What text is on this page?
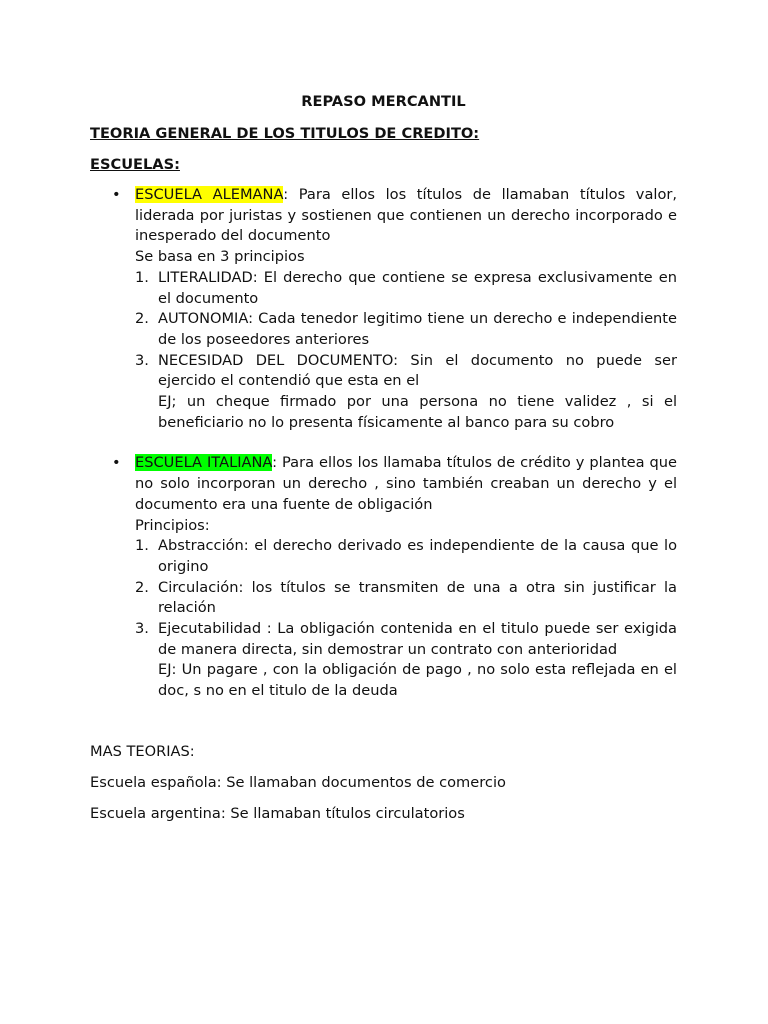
REPASO MERCANTIL

TEORIA GENERAL DE LOS TITULOS DE CREDITO:

ESCUELAS:

• ESCUELA ALEMANA: Para ellos los títulos de llamaban títulos valor, liderada por juristas y sostienen que contienen un derecho incorporado e inesperado del documento

Se basa en 3 principios

1. LITERALIDAD: El derecho que contiene se expresa exclusivamente en el documento

2. AUTONOMIA: Cada tenedor legitimo tiene un derecho e independiente de los poseedores anteriores

3. NECESIDAD DEL DOCUMENTO: Sin el documento no puede ser ejercido el contendió que esta en el

EJ; un cheque firmado por una persona no tiene validez , si el beneficiario no lo presenta físicamente al banco para su cobro

• ESCUELA ITALIANA: Para ellos los llamaba títulos de crédito y plantea que no solo incorporan un derecho , sino también creaban un derecho y el documento era una fuente de obligación

Principios:

1. Abstracción: el derecho derivado es independiente de la causa que lo origino

2. Circulación: los títulos se transmiten de una a otra sin justificar la relación

3. Ejecutabilidad : La obligación contenida en el titulo puede ser exigida de manera directa, sin demostrar un contrato con anterioridad

EJ: Un pagare , con la obligación de pago , no solo esta reflejada en el doc, s no en el titulo de la deuda

MAS TEORIAS:

Escuela española: Se llamaban documentos de comercio

Escuela argentina: Se llamaban títulos circulatorios
